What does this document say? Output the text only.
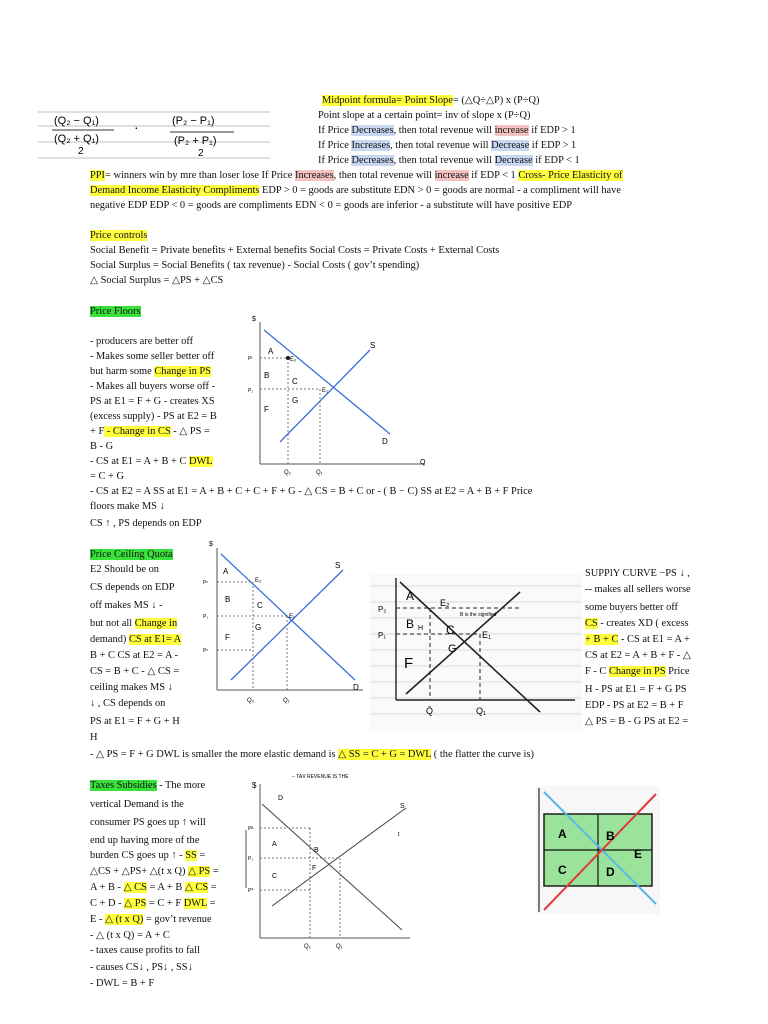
(Q₂ − Q₁)
(Q₂ + Q₁)
2
·	(P₂ − P₁)
(P₂ + P₁)
2
Midpoint formula= Point Slope= (△Q÷△P) x (P÷Q)
Point slope at a certain point= inv of slope x (P÷Q)
If Price Decreases, then total revenue will increase if EDP > 1
If Price Increases, then total revenue will Decrease if EDP > 1
If Price Decreases, then total revenue will Decrease if EDP < 1
PPI= winners win by mre than loser lose If Price Increases, then total revenue will increase if EDP < 1 Cross- Price Elasticity of
Demand Income Elasticity Compliments EDP > 0 = goods are substitute EDN > 0 = goods are normal - a compliment will have
negative EDP EDP < 0 = goods are compliments EDN < 0 = goods are inferior - a substitute will have positive EDP
Price controls
Social Benefit = Private benefits + External benefits Social Costs = Private Costs + External Costs
Social Surplus = Social Benefits ( tax revenue) - Social Costs ( gov’t spending)
△ Social Surplus = △PS + △CS
Price Floors
- producers are better off
- Makes some seller better off
but harm some Change in PS
- Makes all buyers worse off -
PS at E1 = F + G - creates XS
(excess supply) - PS at E2 = B
+ F - Change in CS - △ PS =
B - G
- CS at E1 = A + B + C DWL
= C + G
- CS at E2 = A SS at E1 = A + B + C + C + F + G - △ CS = B + C or - ( B − C) SS at E2 = A + B + F Price
floors make MS ↓
CS ↑ , PS depends on EDP
$
S
D
Q
A
E₂
E₁
B
C
F
G
Pᶠ
P₁
Q₂	Q₁
Price Ceiling Quota
E2 Should be on
CS depends on EDP
off makes MS ↓ -
but not all Change in
demand) CS at E1= A
B + C CS at E2 = A -
CS = B + C - △ CS =
ceiling makes MS ↓
↓ , CS depends on
PS at E1 = F + G + H
H
SUPPlY CURVE −PS ↓ ,
-- makes all sellers worse
some buyers better off
CS - creates XD ( excess
+ B + C - CS at E1 = A +
CS at E2 = A + B + F - △
F - C Change in PS Price
H - PS at E1 = F + G PS
EDP - PS at E2 = B + F
△ PS = B - G PS at E2 =
- △ PS = F + G DWL is smaller the more elastic demand is △ SS = C + G = DWL ( the flatter the curve is)
$
S
D
A
E₂
E₁
B
C
G
F
Pᶜ
P₁
Pᶜ
Q₂	Q₁
A	E₂
E₁
B	C
G
F
H
B is the signified
P₂
P₁
Q̄	Q₁
Taxes Subsidies - The more
vertical Demand is the
consumer PS goes up ↑ will
end up having more of the
burden CS goes up ↑ - SS =
△CS + △PS+ △(t x Q) △ PS =
A + B - △ CS = A + B △ CS =
C + D - △ PS = C + F DWL =
E - △ (t x Q) = gov’t revenue
- △ (t x Q) = A + C
- taxes cause profits to fall
- causes CS↓ , PS↓ , SS↓
- DWL = B + F
− TAX REVENUE IS THE
$
S
D
t
A
B
C
F
Pᴮ
P₁
Pᔆ
Q₂	Q₁
A	B
C	D
E
